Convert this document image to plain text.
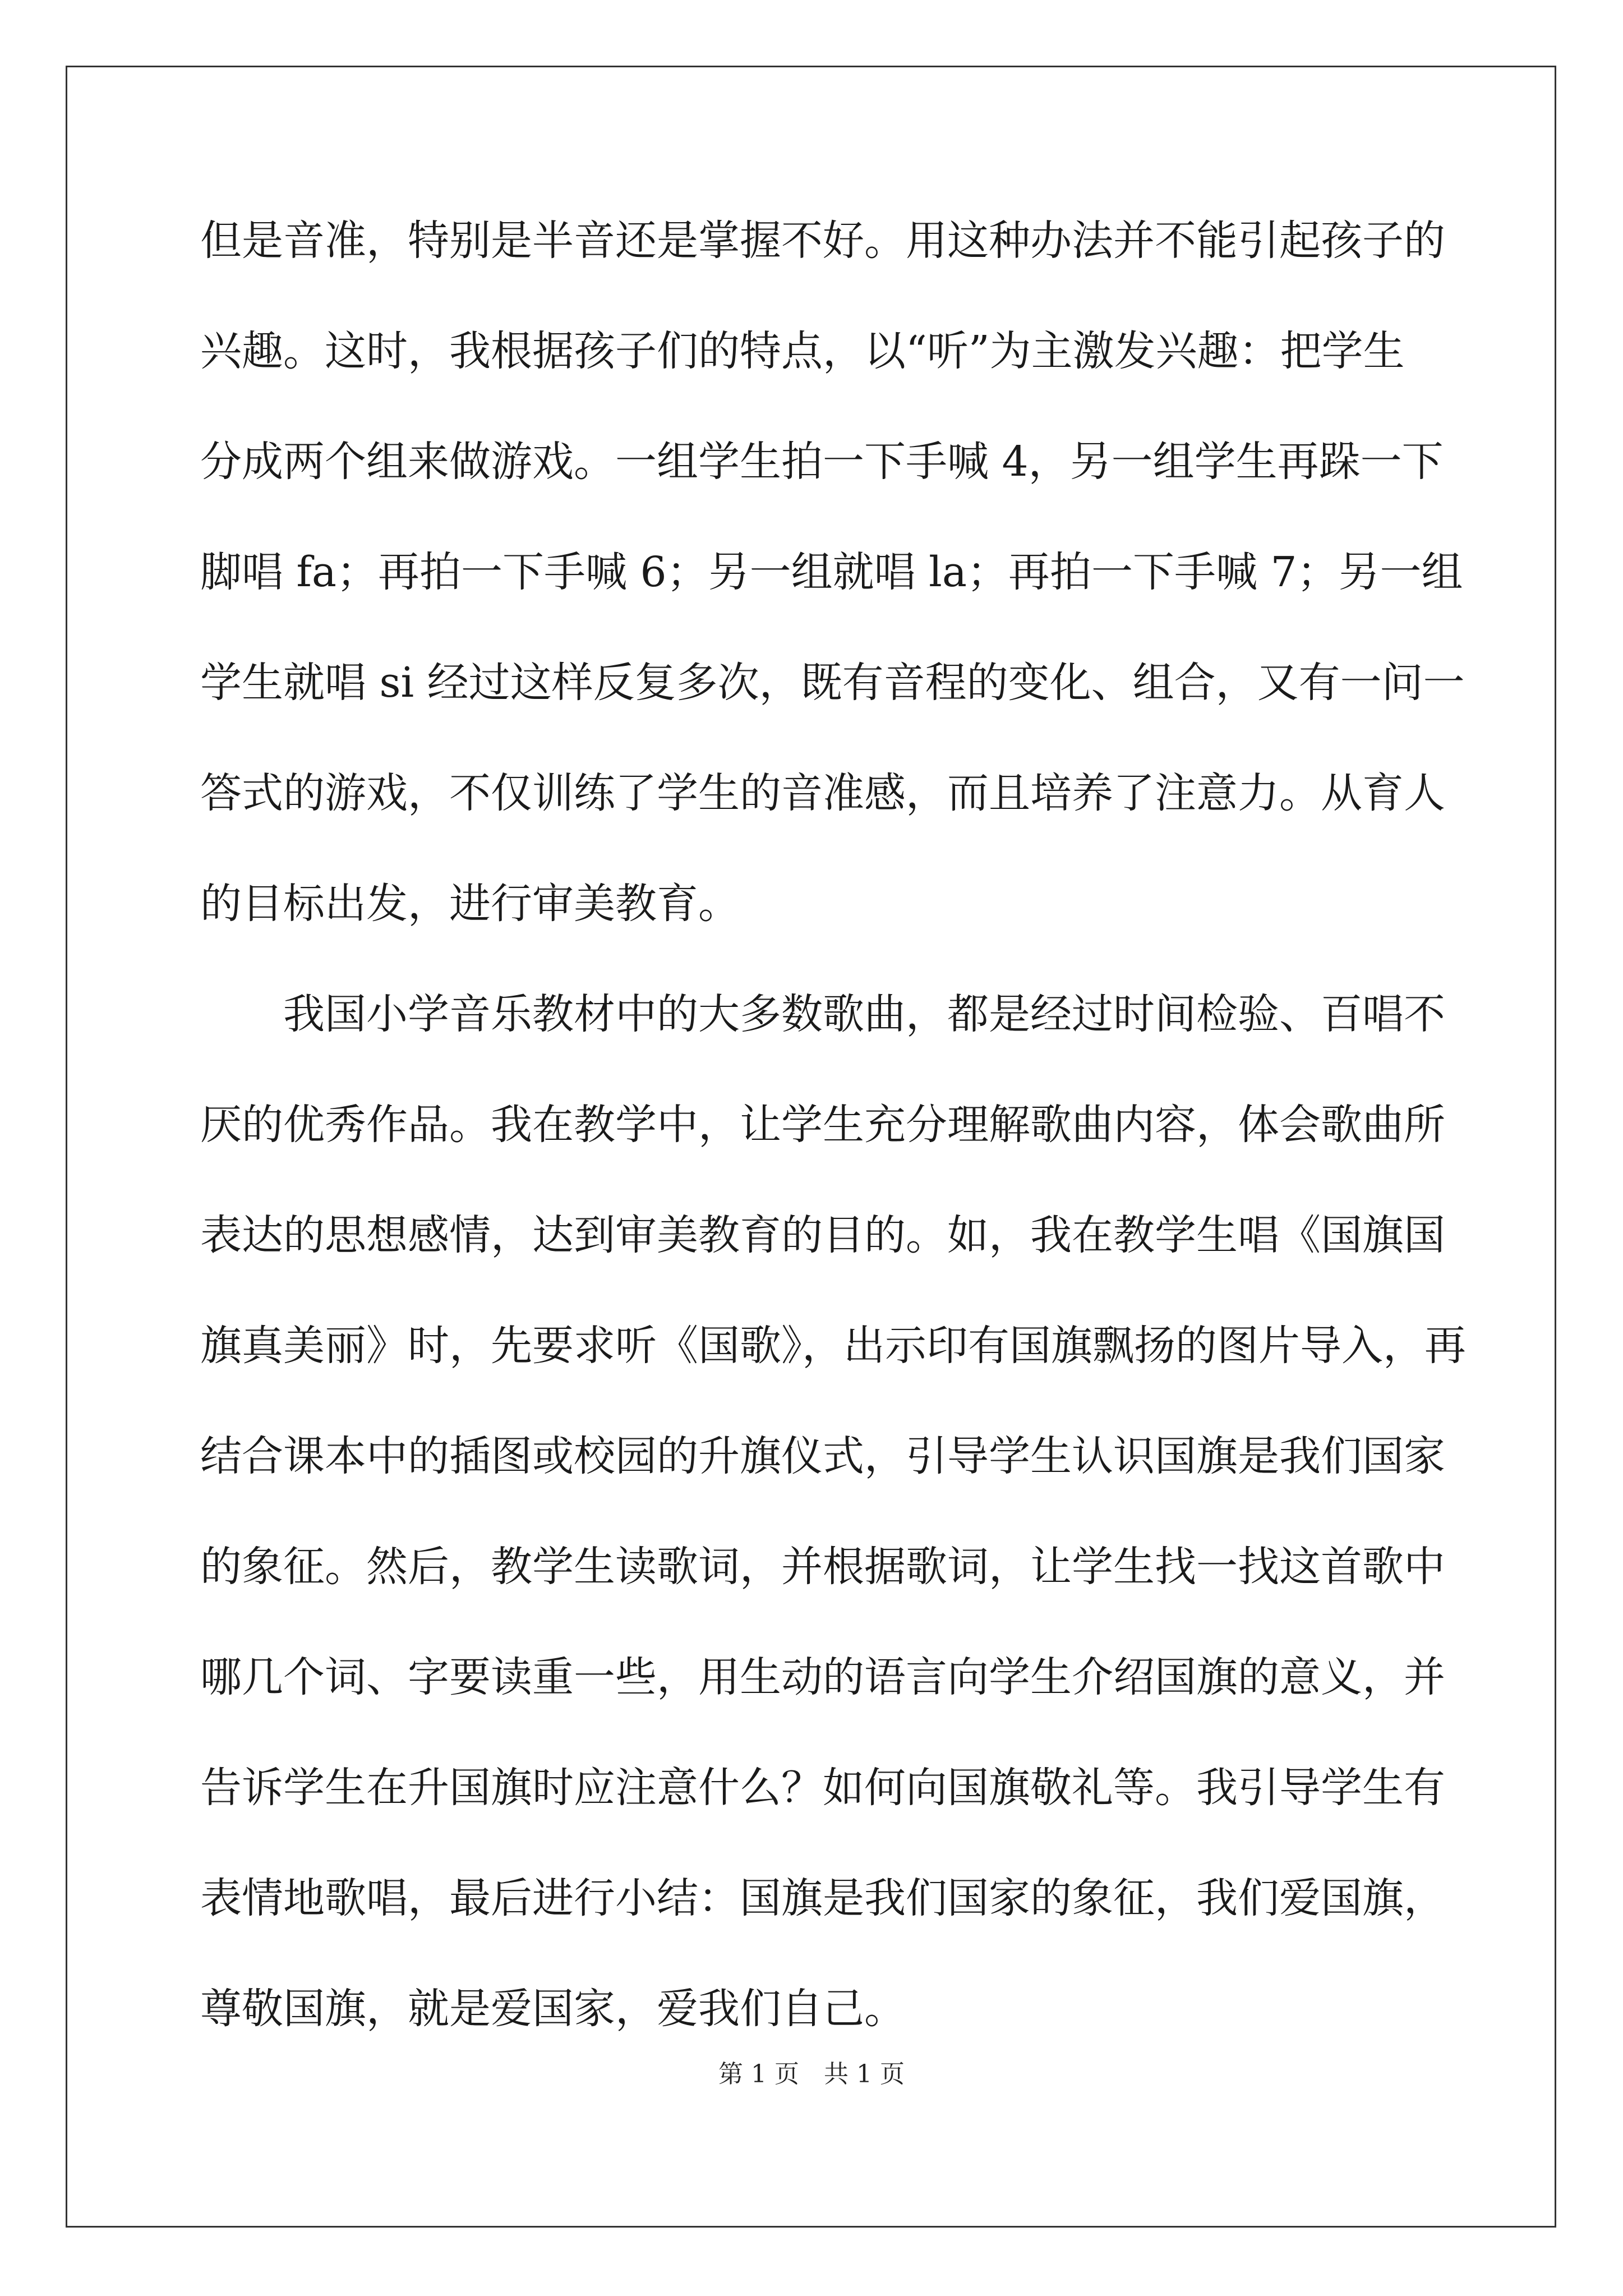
但是音准，特别是半音还是掌握不好。用这种办法并不能引起孩子的
兴趣。这时，我根据孩子们的特点，以“听”为主激发兴趣：把学生
分成两个组来做游戏。一组学生拍一下手喊 4，另一组学生再跺一下
脚唱 fa；再拍一下手喊 6；另一组就唱 la；再拍一下手喊 7；另一组
学生就唱 si 经过这样反复多次，既有音程的变化、组合，又有一问一
答式的游戏，不仅训练了学生的音准感，而且培养了注意力。从育人
的目标出发，进行审美教育。
我国小学音乐教材中的大多数歌曲，都是经过时间检验、百唱不
厌的优秀作品。我在教学中，让学生充分理解歌曲内容，体会歌曲所
表达的思想感情，达到审美教育的目的。如，我在教学生唱《国旗国
旗真美丽》时，先要求听《国歌》，出示印有国旗飘扬的图片导入，再
结合课本中的插图或校园的升旗仪式，引导学生认识国旗是我们国家
的象征。然后，教学生读歌词，并根据歌词，让学生找一找这首歌中
哪几个词、字要读重一些，用生动的语言向学生介绍国旗的意义，并
告诉学生在升国旗时应注意什么？如何向国旗敬礼等。我引导学生有
表情地歌唱，最后进行小结：国旗是我们国家的象征，我们爱国旗，
尊敬国旗，就是爱国家，爱我们自己。
第 1 页 共 1 页
